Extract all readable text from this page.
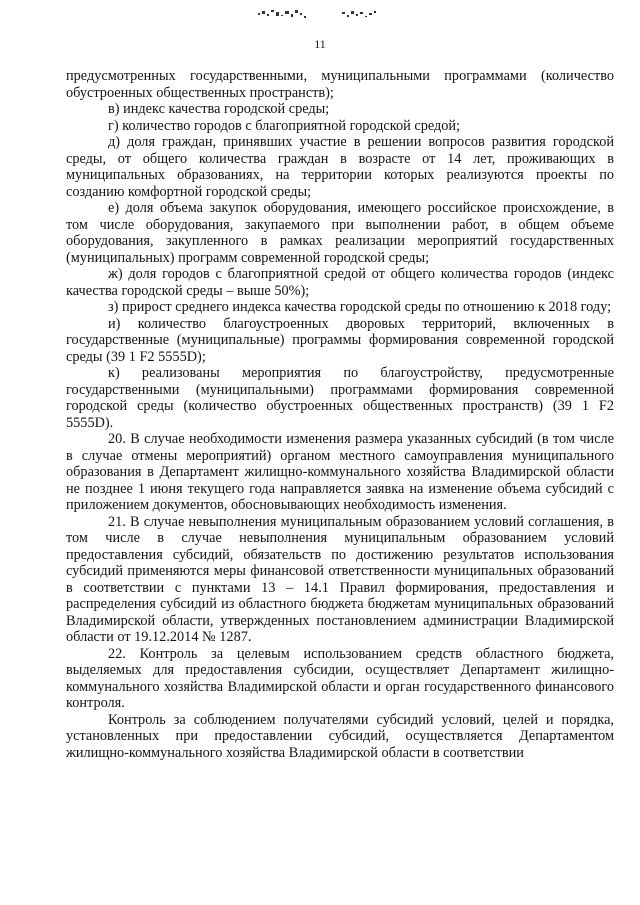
11

предусмотренных государственными, муниципальными программами (количество обустроенных общественных пространств);

в) индекс качества городской среды;

г) количество городов с благоприятной городской средой;

д) доля граждан, принявших участие в решении вопросов развития городской среды, от общего количества граждан в возрасте от 14 лет, проживающих в муниципальных образованиях, на территории которых реализуются проекты по созданию комфортной городской среды;

е) доля объема закупок оборудования, имеющего российское происхождение, в том числе оборудования, закупаемого при выполнении работ, в общем объеме оборудования, закупленного в рамках реализации мероприятий государственных (муниципальных) программ современной городской среды;

ж) доля городов с благоприятной средой от общего количества городов (индекс качества городской среды – выше 50%);

з) прирост среднего индекса качества городской среды по отношению к 2018 году;

и) количество благоустроенных дворовых территорий, включенных в государственные (муниципальные) программы формирования современной городской среды (39 1 F2 5555D);

к) реализованы мероприятия по благоустройству, предусмотренные государственными (муниципальными) программами формирования современной городской среды (количество обустроенных общественных пространств) (39 1 F2 5555D).

20. В случае необходимости изменения размера указанных субсидий (в том числе в случае отмены мероприятий) органом местного самоуправления муниципального образования в Департамент жилищно-коммунального хозяйства Владимирской области не позднее 1 июня текущего года направляется заявка на изменение объема субсидий с приложением документов, обосновывающих необходимость изменения.

21. В случае невыполнения муниципальным образованием условий соглашения, в том числе в случае невыполнения муниципальным образованием условий предоставления субсидий, обязательств по достижению результатов использования субсидий применяются меры финансовой ответственности муниципальных образований в соответствии с пунктами 13 – 14.1 Правил формирования, предоставления и распределения субсидий из областного бюджета бюджетам муниципальных образований Владимирской области, утвержденных постановлением администрации Владимирской области от 19.12.2014 № 1287.

22. Контроль за целевым использованием средств областного бюджета, выделяемых для предоставления субсидии, осуществляет Департамент жилищно-коммунального хозяйства Владимирской области и орган государственного финансового контроля.

Контроль за соблюдением получателями субсидий условий, целей и порядка, установленных при предоставлении субсидий, осуществляется Департаментом жилищно-коммунального хозяйства Владимирской области в соответствии
